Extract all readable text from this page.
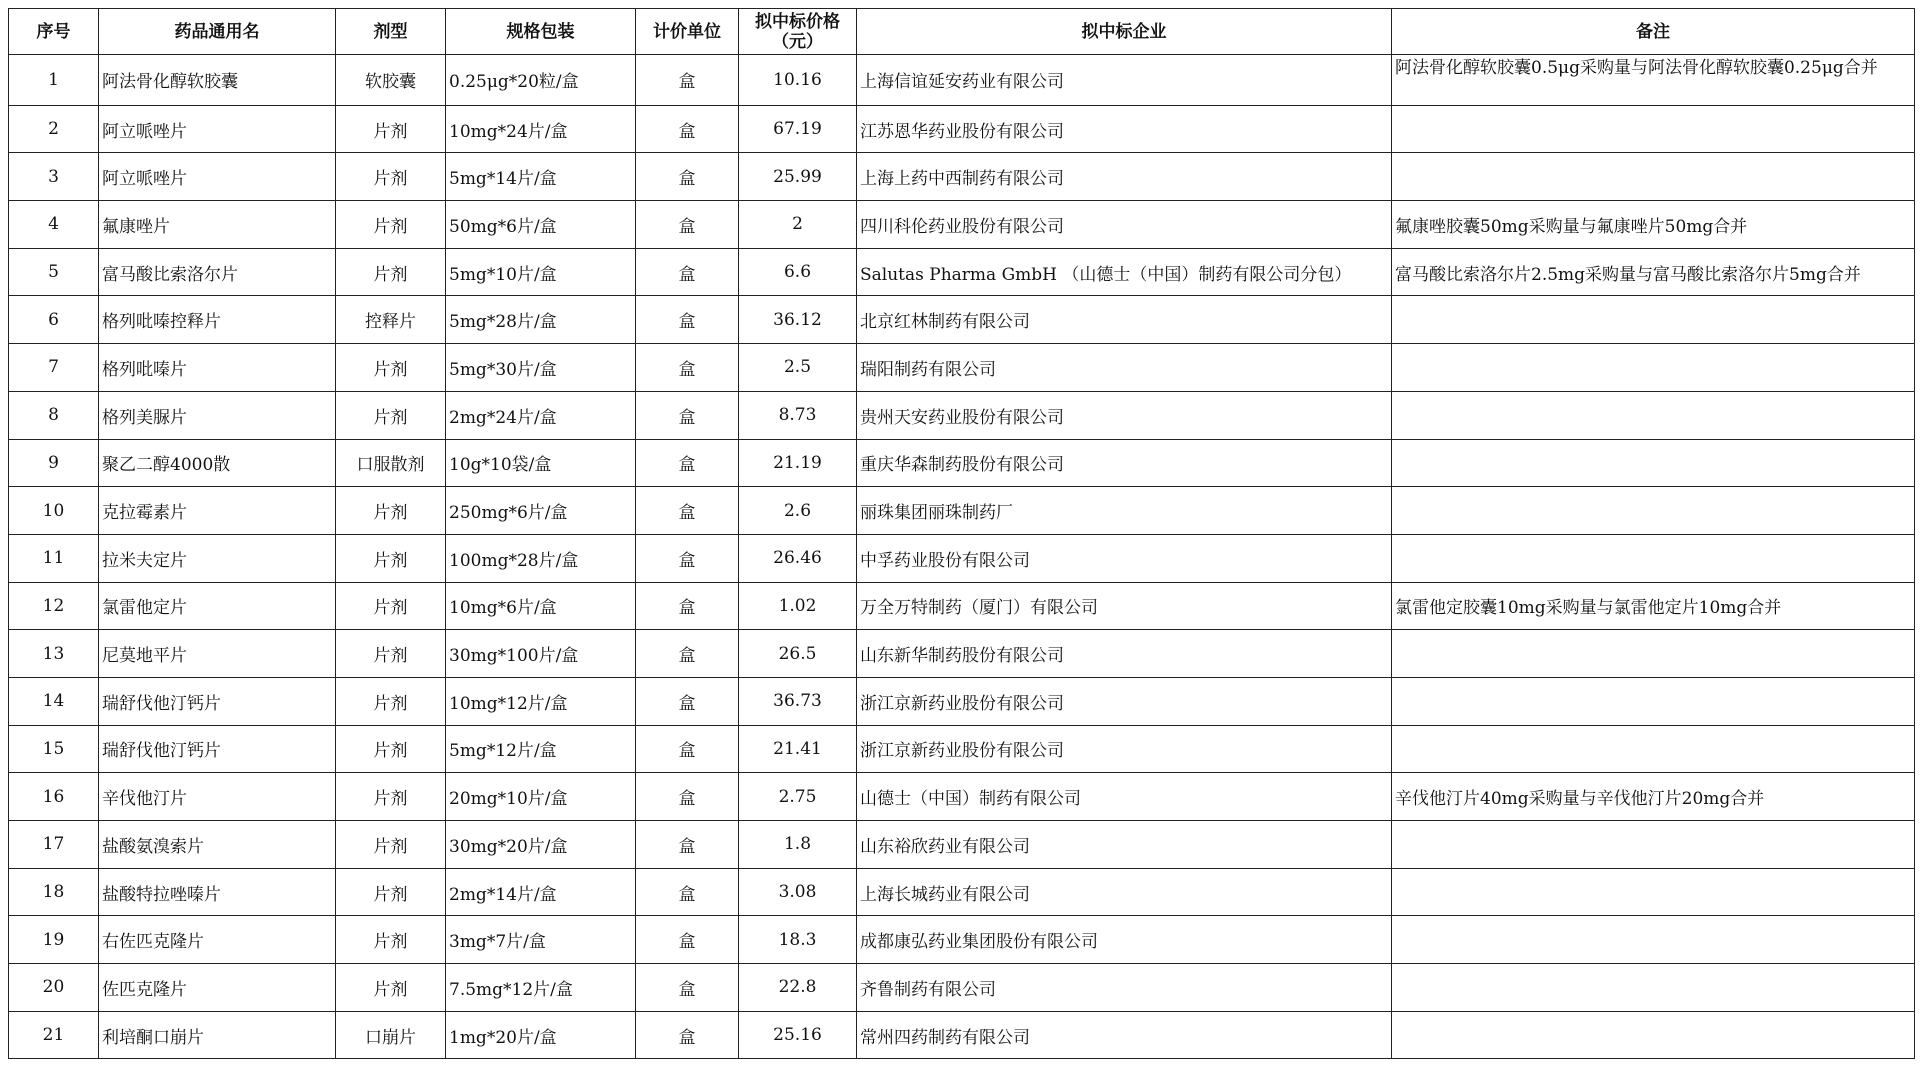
序号	药品通用名	剂型	规格包装	计价单位	拟中标价格（元）	拟中标企业	备注
1	阿法骨化醇软胶囊	软胶囊	0.25μg*20粒/盒	盒	10.16	上海信谊延安药业有限公司	阿法骨化醇软胶囊0.5μg采购量与阿法骨化醇软胶囊0.25μg合并
2	阿立哌唑片	片剂	10mg*24片/盒	盒	67.19	江苏恩华药业股份有限公司	
3	阿立哌唑片	片剂	5mg*14片/盒	盒	25.99	上海上药中西制药有限公司	
4	氟康唑片	片剂	50mg*6片/盒	盒	2	四川科伦药业股份有限公司	氟康唑胶囊50mg采购量与氟康唑片50mg合并
5	富马酸比索洛尔片	片剂	5mg*10片/盒	盒	6.6	Salutas Pharma GmbH （山德士（中国）制药有限公司分包）	富马酸比索洛尔片2.5mg采购量与富马酸比索洛尔片5mg合并
6	格列吡嗪控释片	控释片	5mg*28片/盒	盒	36.12	北京红林制药有限公司	
7	格列吡嗪片	片剂	5mg*30片/盒	盒	2.5	瑞阳制药有限公司	
8	格列美脲片	片剂	2mg*24片/盒	盒	8.73	贵州天安药业股份有限公司	
9	聚乙二醇4000散	口服散剂	10g*10袋/盒	盒	21.19	重庆华森制药股份有限公司	
10	克拉霉素片	片剂	250mg*6片/盒	盒	2.6	丽珠集团丽珠制药厂	
11	拉米夫定片	片剂	100mg*28片/盒	盒	26.46	中孚药业股份有限公司	
12	氯雷他定片	片剂	10mg*6片/盒	盒	1.02	万全万特制药（厦门）有限公司	氯雷他定胶囊10mg采购量与氯雷他定片10mg合并
13	尼莫地平片	片剂	30mg*100片/盒	盒	26.5	山东新华制药股份有限公司	
14	瑞舒伐他汀钙片	片剂	10mg*12片/盒	盒	36.73	浙江京新药业股份有限公司	
15	瑞舒伐他汀钙片	片剂	5mg*12片/盒	盒	21.41	浙江京新药业股份有限公司	
16	辛伐他汀片	片剂	20mg*10片/盒	盒	2.75	山德士（中国）制药有限公司	辛伐他汀片40mg采购量与辛伐他汀片20mg合并
17	盐酸氨溴索片	片剂	30mg*20片/盒	盒	1.8	山东裕欣药业有限公司	
18	盐酸特拉唑嗪片	片剂	2mg*14片/盒	盒	3.08	上海长城药业有限公司	
19	右佐匹克隆片	片剂	3mg*7片/盒	盒	18.3	成都康弘药业集团股份有限公司	
20	佐匹克隆片	片剂	7.5mg*12片/盒	盒	22.8	齐鲁制药有限公司	
21	利培酮口崩片	口崩片	1mg*20片/盒	盒	25.16	常州四药制药有限公司	
